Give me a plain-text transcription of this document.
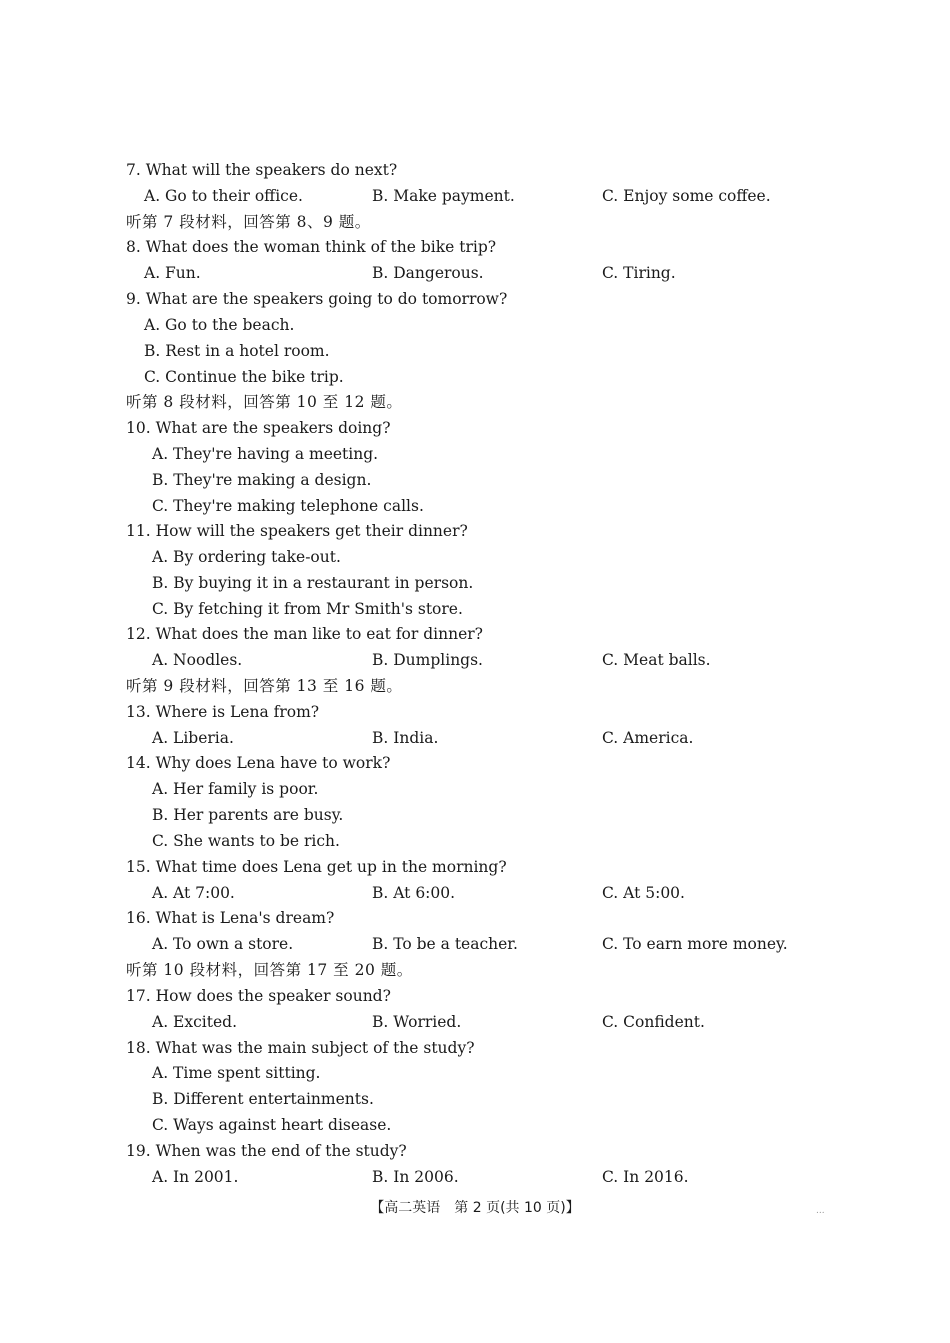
7. What will the speakers do next?
A. Go to their office.	B. Make payment.	C. Enjoy some coffee.
听第 7 段材料，回答第 8、9 题。
8. What does the woman think of the bike trip?
A. Fun.	B. Dangerous.	C. Tiring.
9. What are the speakers going to do tomorrow?
A. Go to the beach.
B. Rest in a hotel room.
C. Continue the bike trip.
听第 8 段材料，回答第 10 至 12 题。
10. What are the speakers doing?
A. They're having a meeting.
B. They're making a design.
C. They're making telephone calls.
11. How will the speakers get their dinner?
A. By ordering take-out.
B. By buying it in a restaurant in person.
C. By fetching it from Mr Smith's store.
12. What does the man like to eat for dinner?
A. Noodles.	B. Dumplings.	C. Meat balls.
听第 9 段材料，回答第 13 至 16 题。
13. Where is Lena from?
A. Liberia.	B. India.	C. America.
14. Why does Lena have to work?
A. Her family is poor.
B. Her parents are busy.
C. She wants to be rich.
15. What time does Lena get up in the morning?
A. At 7:00.	B. At 6:00.	C. At 5:00.
16. What is Lena's dream?
A. To own a store.	B. To be a teacher.	C. To earn more money.
听第 10 段材料，回答第 17 至 20 题。
17. How does the speaker sound?
A. Excited.	B. Worried.	C. Confident.
18. What was the main subject of the study?
A. Time spent sitting.
B. Different entertainments.
C. Ways against heart disease.
19. When was the end of the study?
A. In 2001.	B. In 2006.	C. In 2016.
【高二英语　第 2 页(共 10 页)】	...
